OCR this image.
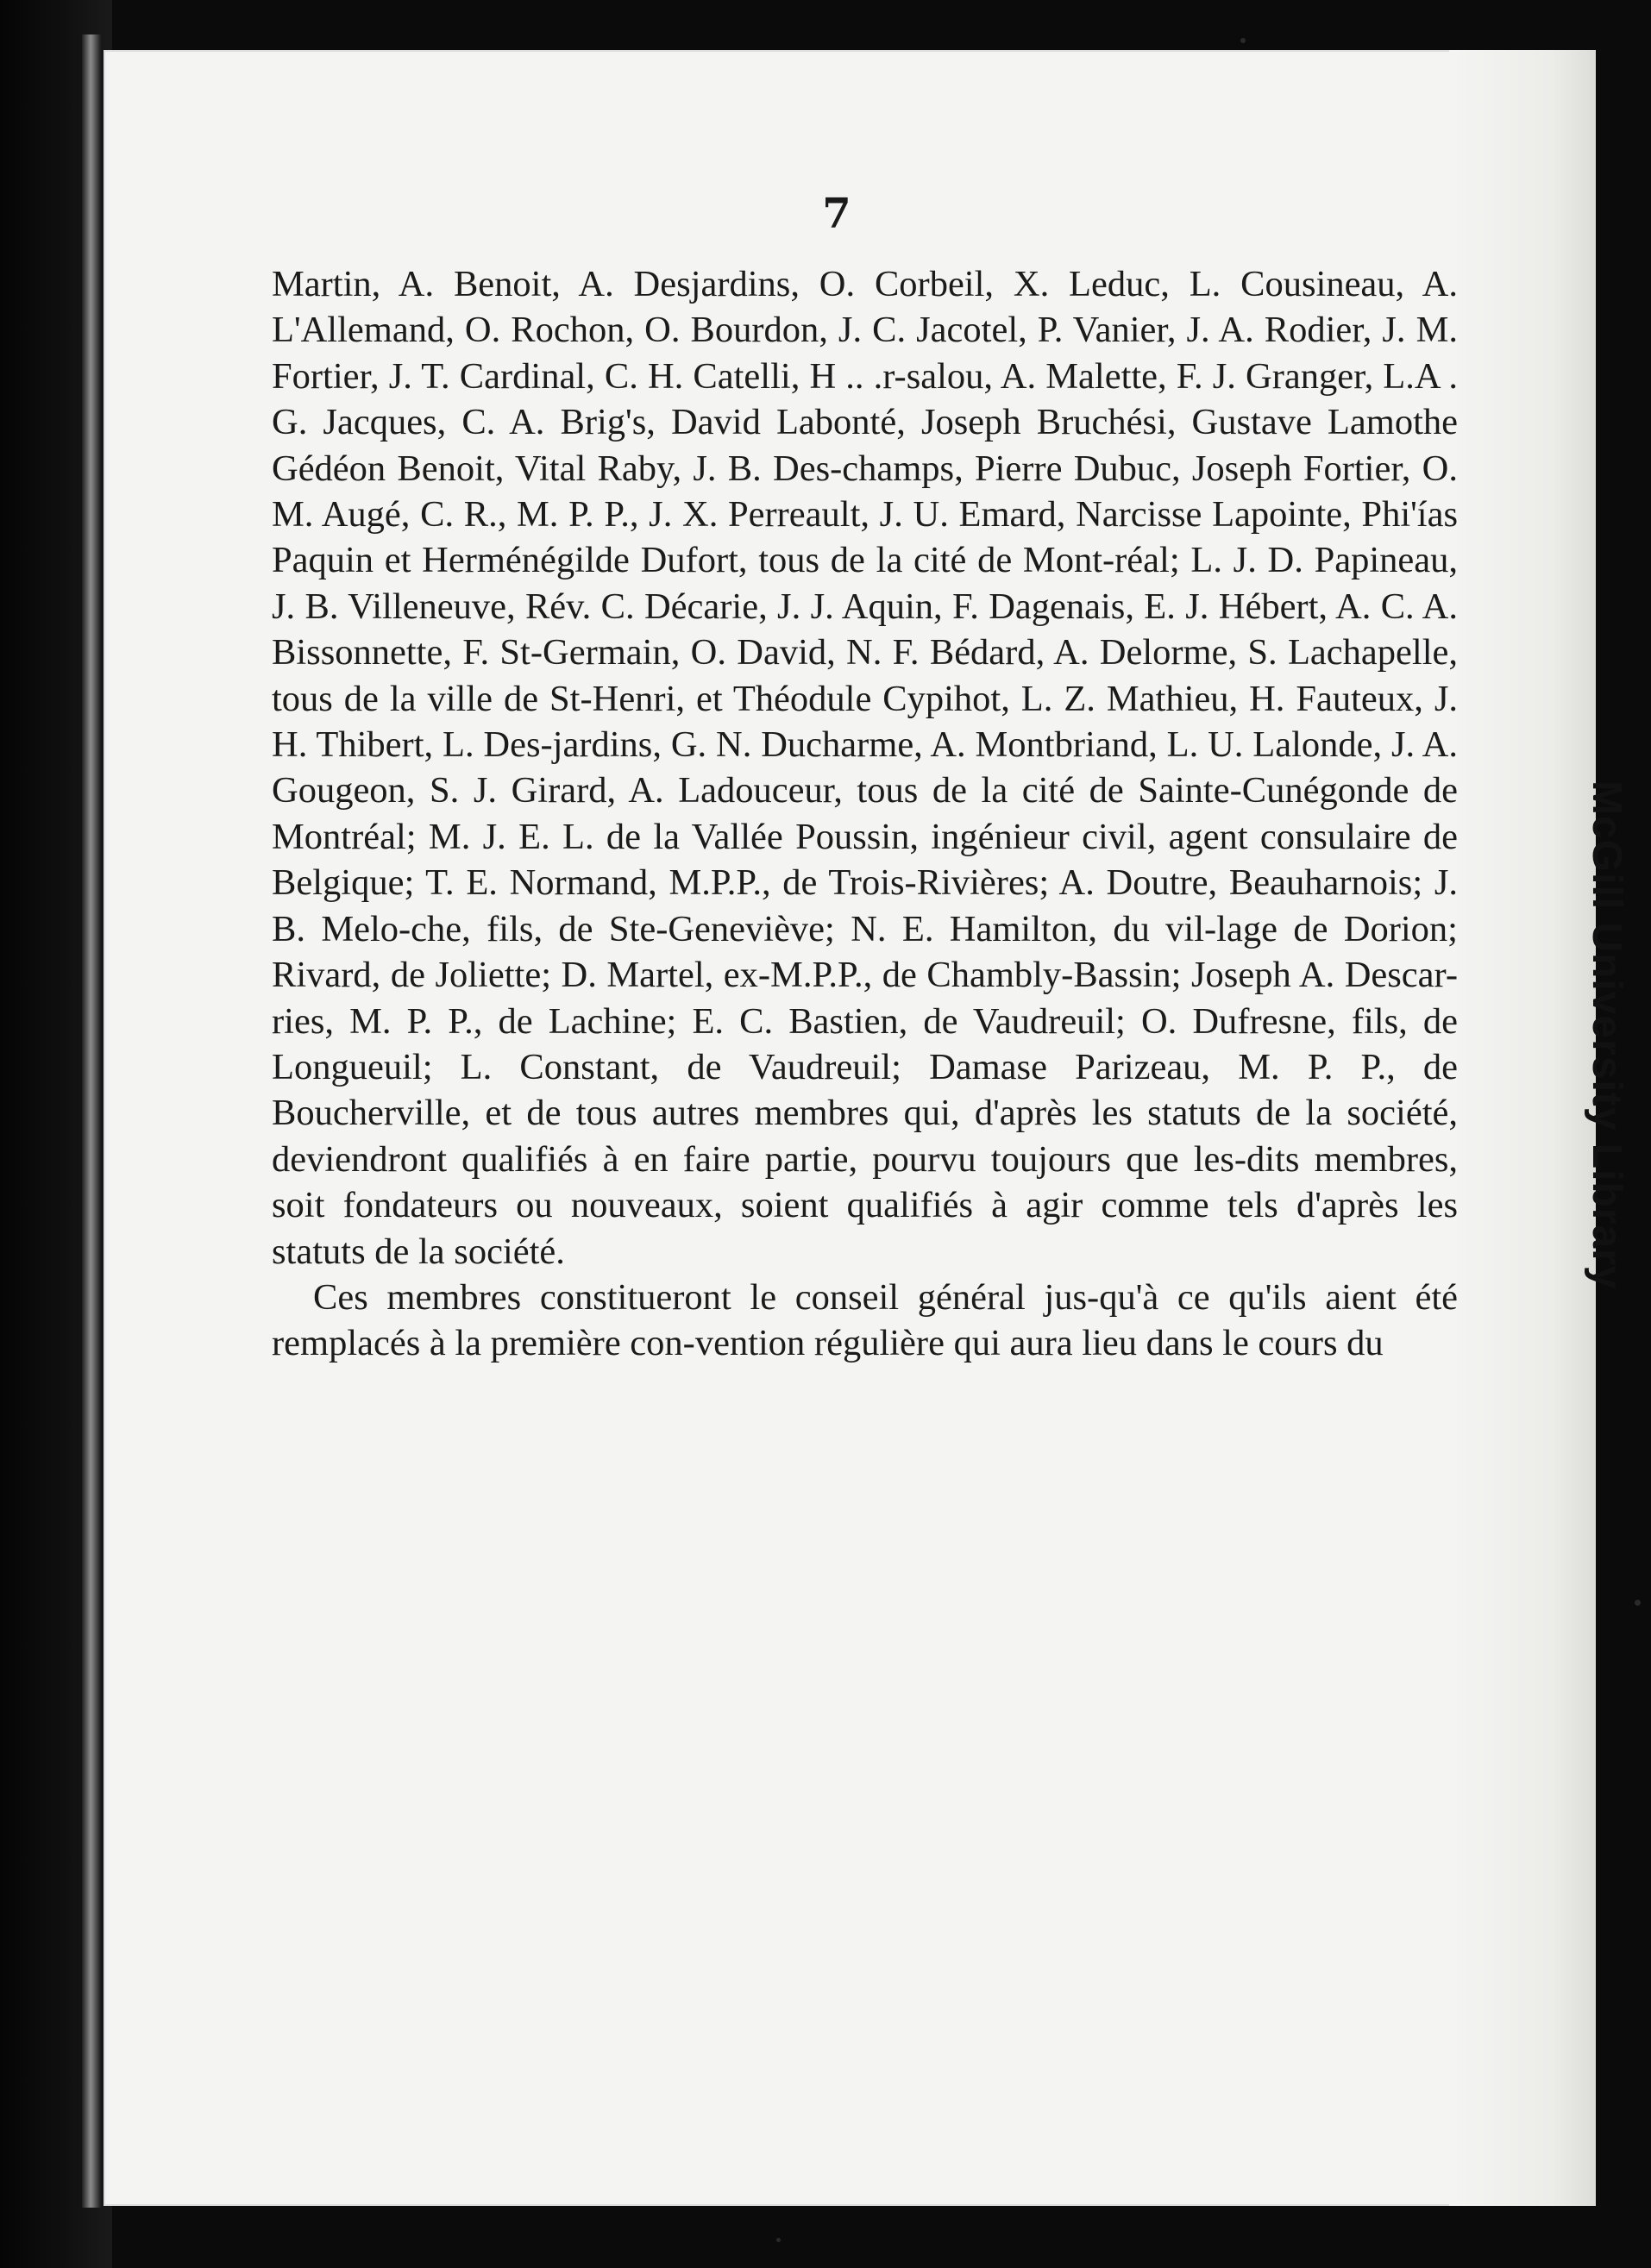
7

Martin, A. Benoit, A. Desjardins, O. Corbeil, X. Leduc, L. Cousineau, A. L'Allemand, O. Rochon, O. Bourdon, J. C. Jacotel, P. Vanier, J. A. Rodier, J. M. Fortier, J. T. Cardinal, C. H. Catelli, H .. .r-salou, A. Malette, F. J. Granger, L.A . G. Jacques, C. A. Brig's, David Labonté, Joseph Bruchési, Gustave Lamothe Gédéon Benoit, Vital Raby, J. B. Des-champs, Pierre Dubuc, Joseph Fortier, O. M. Augé, C. R., M. P. P., J. X. Perreault, J. U. Emard, Narcisse Lapointe, Phi'ías Paquin et Herménégilde Dufort, tous de la cité de Mont-réal; L. J. D. Papineau, J. B. Villeneuve, Rév. C. Décarie, J. J. Aquin, F. Dagenais, E. J. Hébert, A. C. A. Bissonnette, F. St-Germain, O. David, N. F. Bédard, A. Delorme, S. Lachapelle, tous de la ville de St-Henri, et Théodule Cypihot, L. Z. Mathieu, H. Fauteux, J. H. Thibert, L. Des-jardins, G. N. Ducharme, A. Montbriand, L. U. Lalonde, J. A. Gougeon, S. J. Girard, A. Ladouceur, tous de la cité de Sainte-Cunégonde de Montréal; M. J. E. L. de la Vallée Poussin, ingénieur civil, agent consulaire de Belgique; T. E. Normand, M.P.P., de Trois-Rivières; A. Doutre, Beauharnois; J. B. Melo-che, fils, de Ste-Geneviève; N. E. Hamilton, du vil-lage de Dorion; Rivard, de Joliette; D. Martel, ex-M.P.P., de Chambly-Bassin; Joseph A. Descar-ries, M. P. P., de Lachine; E. C. Bastien, de Vaudreuil; O. Dufresne, fils, de Longueuil; L. Constant, de Vaudreuil; Damase Parizeau, M. P. P., de Boucherville, et de tous autres membres qui, d'après les statuts de la société, deviendront qualifiés à en faire partie, pourvu toujours que les-dits membres, soit fondateurs ou nouveaux, soient qualifiés à agir comme tels d'après les statuts de la société.

Ces membres constitueront le conseil général jus-qu'à ce qu'ils aient été remplacés à la première con-vention régulière qui aura lieu dans le cours du

McGill University Library
